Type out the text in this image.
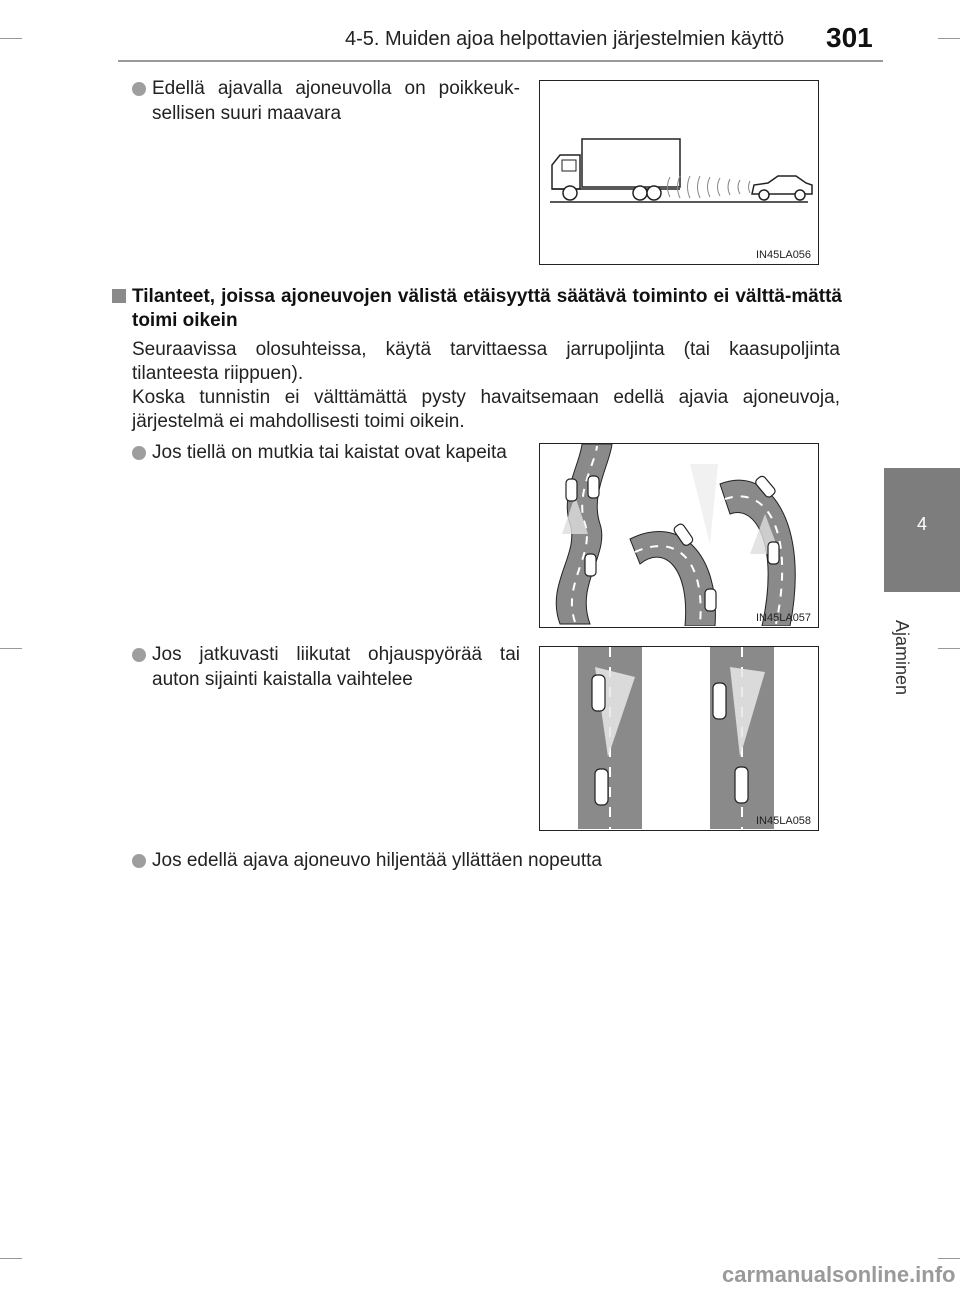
4-5. Muiden ajoa helpottavien järjestelmien käyttö 301
4
Ajaminen
Edellä ajavalla ajoneuvolla on poikkeuk-sellisen suuri maavara
IN45LA056
Tilanteet, joissa ajoneuvojen välistä etäisyyttä säätävä toiminto ei välttä-mättä toimi oikein
Seuraavissa olosuhteissa, käytä tarvittaessa jarrupoljinta (tai kaasupoljinta tilanteesta riippuen).
Koska tunnistin ei välttämättä pysty havaitsemaan edellä ajavia ajoneuvoja, järjestelmä ei mahdollisesti toimi oikein.
Jos tiellä on mutkia tai kaistat ovat kapeita
IN45LA057
Jos jatkuvasti liikutat ohjauspyörää tai auton sijainti kaistalla vaihtelee
IN45LA058
Jos edellä ajava ajoneuvo hiljentää yllättäen nopeutta
carmanualsonline.info
